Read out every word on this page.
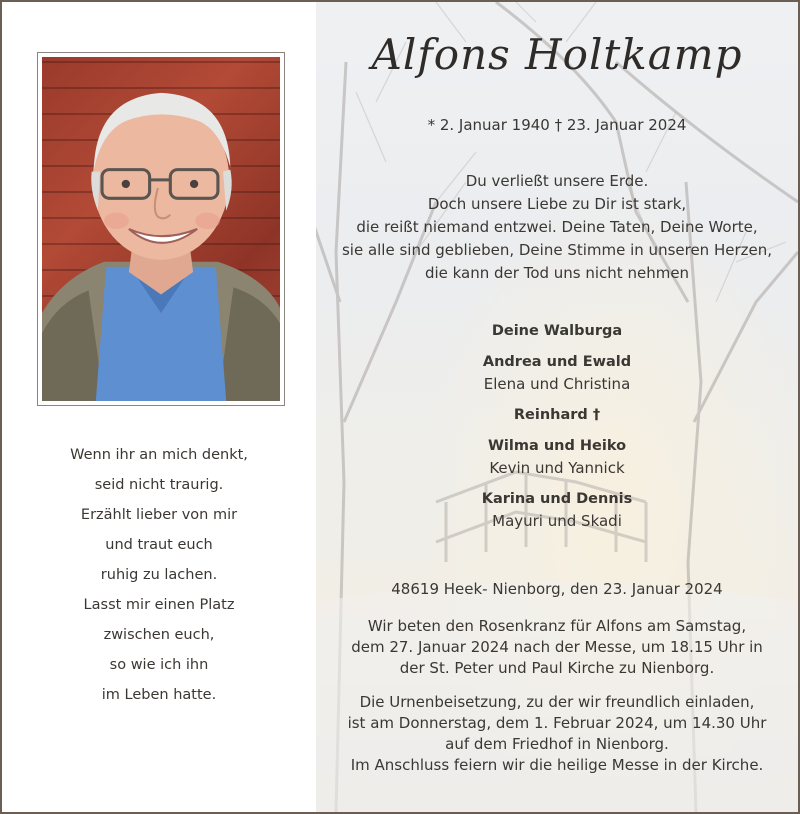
Wenn ihr an mich denkt,
seid nicht traurig.
Erzählt lieber von mir
und traut euch
ruhig zu lachen.
Lasst mir einen Platz
zwischen euch,
so wie ich ihn
im Leben hatte.
Alfons Holtkamp
* 2. Januar 1940 † 23. Januar 2024
Du verließt unsere Erde.
Doch unsere Liebe zu Dir ist stark,
die reißt niemand entzwei. Deine Taten, Deine Worte,
sie alle sind geblieben, Deine Stimme in unseren Herzen,
die kann der Tod uns nicht nehmen
Deine Walburga
Andrea und Ewald
Elena und Christina
Reinhard †
Wilma und Heiko
Kevin und Yannick
Karina und Dennis
Mayuri und Skadi
48619 Heek- Nienborg, den 23. Januar 2024
Wir beten den Rosenkranz für Alfons am Samstag,
dem 27. Januar 2024 nach der Messe, um 18.15 Uhr in
der St. Peter und Paul Kirche zu Nienborg.
Die Urnenbeisetzung, zu der wir freundlich einladen,
ist am Donnerstag, dem 1. Februar 2024, um 14.30 Uhr
auf dem Friedhof in Nienborg.
Im Anschluss feiern wir die heilige Messe in der Kirche.
